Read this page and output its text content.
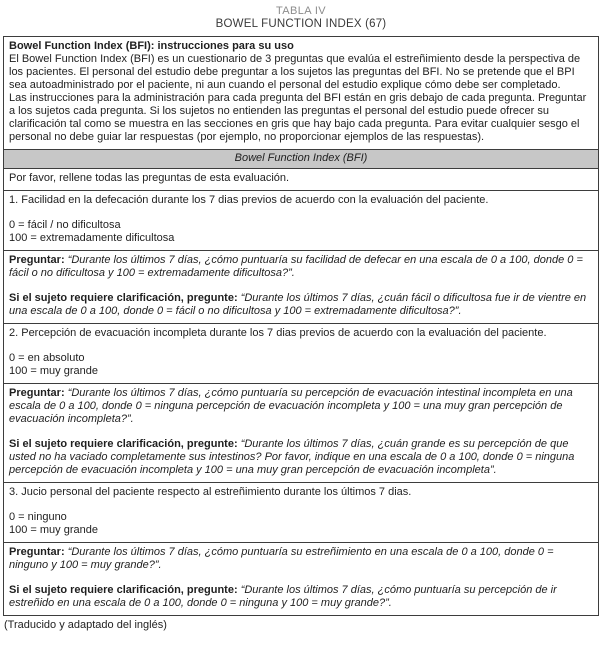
TABLA IV
BOWEL FUNCTION INDEX (67)
Bowel Function Index (BFI): instrucciones para su uso
El Bowel Function Index (BFI) es un cuestionario de 3 preguntas que evalúa el estreñimiento desde la perspectiva de los pacientes. El personal del estudio debe preguntar a los sujetos las preguntas del BFI. No se pretende que el BPI sea autoadministrado por el paciente, ni aun cuando el personal del estudio explique cómo debe ser completado.
Las instrucciones para la administración para cada pregunta del BFI están en gris debajo de cada pregunta. Preguntar a los sujetos cada pregunta. Si los sujetos no entienden las preguntas el personal del estudio puede ofrecer su clarificación tal como se muestra en las secciones en gris que hay bajo cada pregunta. Para evitar cualquier sesgo el personal no debe guiar lar respuestas (por ejemplo, no proporcionar ejemplos de las respuestas).
Bowel Function Index (BFI)
Por favor, rellene todas las preguntas de esta evaluación.
1. Facilidad en la defecación durante los 7 dias previos de acuerdo con la evaluación del paciente.
0 = fácil / no dificultosa
100 = extremadamente dificultosa
Preguntar: “Durante los últimos 7 días, ¿cómo puntuaría su facilidad de defecar en una escala de 0 a 100, donde 0 = fácil o no dificultosa y 100 = extremadamente dificultosa?”.
Si el sujeto requiere clarificación, pregunte: “Durante los últimos 7 días, ¿cuán fácil o dificultosa fue ir de vientre en una escala de 0 a 100, donde 0 = fácil o no dificultosa y 100 = extremadamente dificultosa?”.
2. Percepción de evacuación incompleta durante los 7 dias previos de acuerdo con la evaluación del paciente.
0 = en absoluto
100 = muy grande
Preguntar: “Durante los últimos 7 días, ¿cómo puntuaría su percepción de evacuación intestinal incompleta en una escala de 0 a 100, donde 0 = ninguna percepción de evacuación incompleta y 100 = una muy gran percepción de evacuación incompleta?”.
Si el sujeto requiere clarificación, pregunte: “Durante los últimos 7 días, ¿cuán grande es su percepción de que usted no ha vaciado completamente sus intestinos? Por favor, indique en una escala de 0 a 100, donde 0 = ninguna percepción de evacuación incompleta y 100 = una muy gran percepción de evacuación incompleta”.
3. Jucio personal del paciente respecto al estreñimiento durante los últimos 7 dias.
0 = ninguno
100 = muy grande
Preguntar: “Durante los últimos 7 días, ¿cómo puntuaría su estreñimiento en una escala de 0 a 100, donde 0 = ninguno y 100 = muy grande?”.
Si el sujeto requiere clarificación, pregunte: “Durante los últimos 7 días, ¿cómo puntuaría su percepción de ir estreñido en una escala de 0 a 100, donde 0 = ninguna y 100 = muy grande?”.
(Traducido y adaptado del inglés)
